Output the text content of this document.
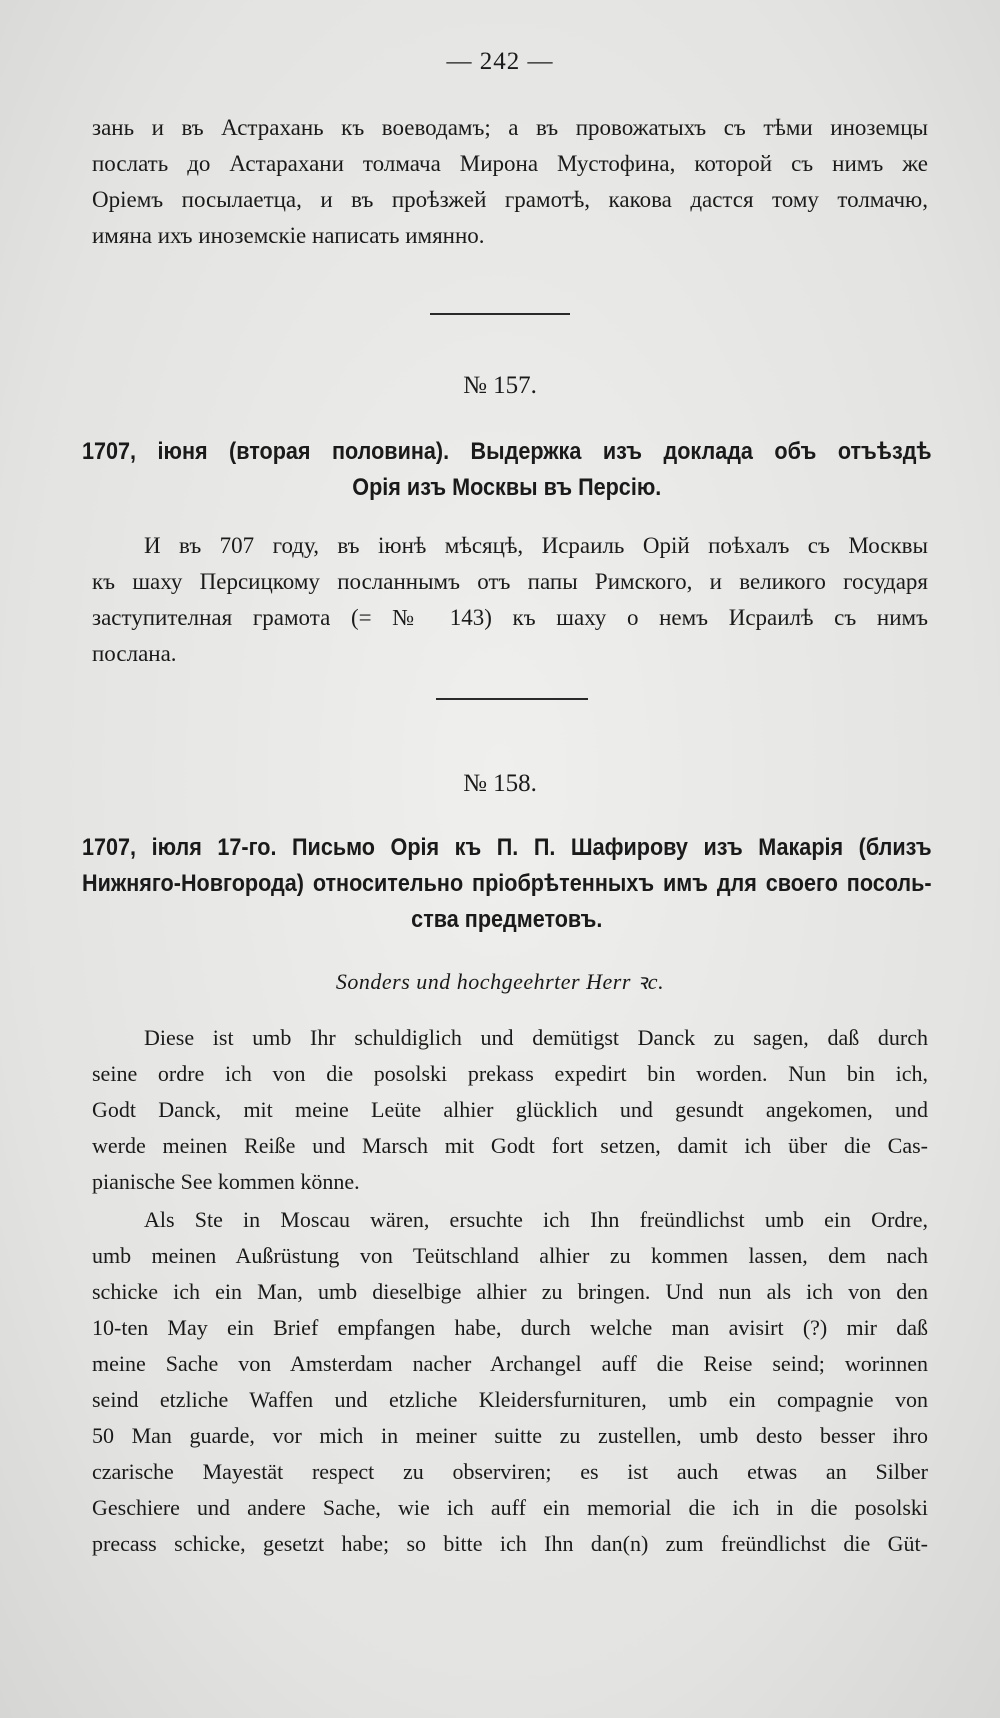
— 242 —
зань и въ Астрахань къ воеводамъ; а въ провожатыхъ съ тѣми иноземцы
послать до Астарахани толмача Мирона Мустофина, которой съ нимъ же
Оріемъ посылаетца, и въ проѣзжей грамотѣ, какова дастся тому толмачю,
имяна ихъ иноземскіе написать имянно.
№ 157.
1707, іюня (вторая половина). Выдержка изъ доклада объ отъѣздѣ
Орія изъ Москвы въ Персію.
И въ 707 году, въ іюнѣ мѣсяцѣ, Исраиль Орій поѣхалъ съ Москвы
къ шаху Персицкому посланнымъ отъ папы Римского, и великого государя
заступителная грамота (= № 143) къ шаху о немъ Исраилѣ съ нимъ
послана.
№ 158.
1707, іюля 17-го. Письмо Орія къ П. П. Шафирову изъ Макарія (близъ
Нижняго-Новгорода) относительно пріобрѣтенныхъ имъ для своего посоль-
ства предметовъ.
Sonders und hochgeehrter Herr ꝛc.
Diese ist umb Ihr schuldiglich und demütigst Danck zu sagen, daß durch
seine ordre ich von die posolski prekass expedirt bin worden. Nun bin ich,
Godt Danck, mit meine Leüte alhier glücklich und gesundt angekomen, und
werde meinen Reiße und Marsch mit Godt fort setzen, damit ich über die Cas-
pianische See kommen könne.
Als Ste in Moscau wären, ersuchte ich Ihn freündlichst umb ein Ordre,
umb meinen Außrüstung von Teütschland alhier zu kommen lassen, dem nach
schicke ich ein Man, umb dieselbige alhier zu bringen. Und nun als ich von den
10-ten May ein Brief empfangen habe, durch welche man avisirt (?) mir daß
meine Sache von Amsterdam nacher Archangel auff die Reise seind; worinnen
seind etzliche Waffen und etzliche Kleidersfurnituren, umb ein compagnie von
50 Man guarde, vor mich in meiner suitte zu zustellen, umb desto besser ihro
czarische Mayestät respect zu observiren; es ist auch etwas an Silber
Geschiere und andere Sache, wie ich auff ein memorial die ich in die posolski
precass schicke, gesetzt habe; so bitte ich Ihn dan(n) zum freündlichst die Güt-
